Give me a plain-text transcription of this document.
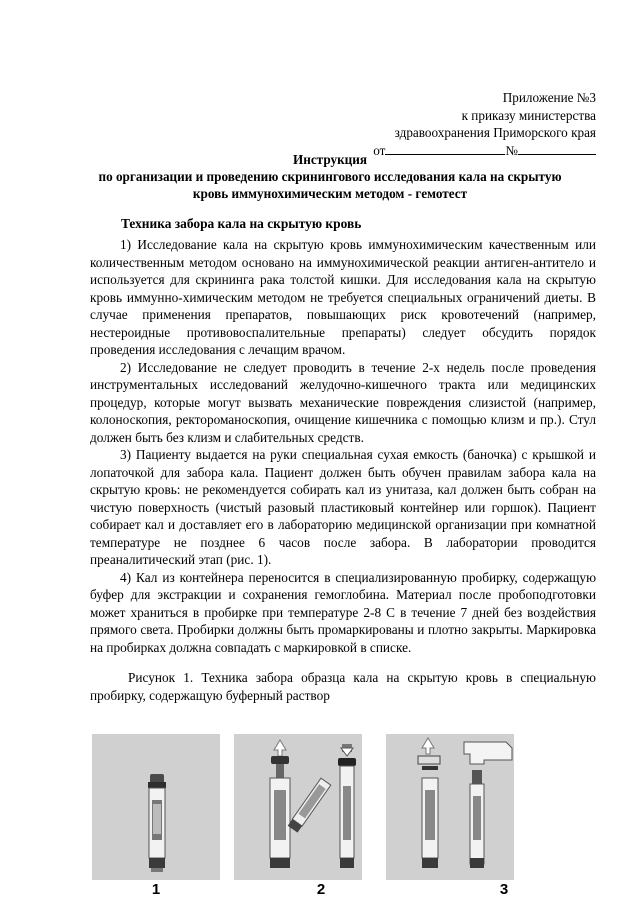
Приложение №3
к приказу министерства
здравоохранения Приморского края
от	№
Инструкция
по организации и проведению скринингового исследования кала на скрытую
кровь иммунохимическим методом - гемотест
Техника забора кала на скрытую кровь

1) Исследование кала на скрытую кровь иммунохимическим качественным или количественным методом основано на иммунохимической реакции антиген-антитело и используется для скрининга рака толстой кишки. Для исследования кала на скрытую кровь иммунно-химическим методом не требуется специальных ограничений диеты. В случае применения препаратов, повышающих риск кровотечений (например, нестероидные противовоспалительные препараты) следует обсудить порядок проведения исследования с лечащим врачом.

2) Исследование не следует проводить в течение 2-х недель после проведения инструментальных исследований желудочно-кишечного тракта или медицинских процедур, которые могут вызвать механические повреждения слизистой (например, колоноскопия, ректороманоскопия, очищение кишечника с помощью клизм и пр.). Стул должен быть без клизм и слабительных средств.

3) Пациенту выдается на руки специальная сухая емкость (баночка) с крышкой и лопаточкой для забора кала. Пациент должен быть обучен правилам забора кала на скрытую кровь: не рекомендуется собирать кал из унитаза, кал должен быть собран на чистую поверхность (чистый разовый пластиковый контейнер или горшок). Пациент собирает кал и доставляет его в лабораторию медицинской организации при комнатной температуре не позднее 6 часов после забора. В лаборатории проводится преаналитический этап (рис. 1).

4) Кал из контейнера переносится в специализированную пробирку, содержащую буфер для экстракции и сохранения гемоглобина. Материал после пробоподготовки может храниться в пробирке при температуре 2-8 С в течение 7 дней без воздействия прямого света. Пробирки должны быть промаркированы и плотно закрыты. Маркировка на пробирках должна совпадать с маркировкой в списке.

Рисунок 1. Техника забора образца кала на скрытую кровь в специальную пробирку, содержащую буферный раствор
1	2	3
